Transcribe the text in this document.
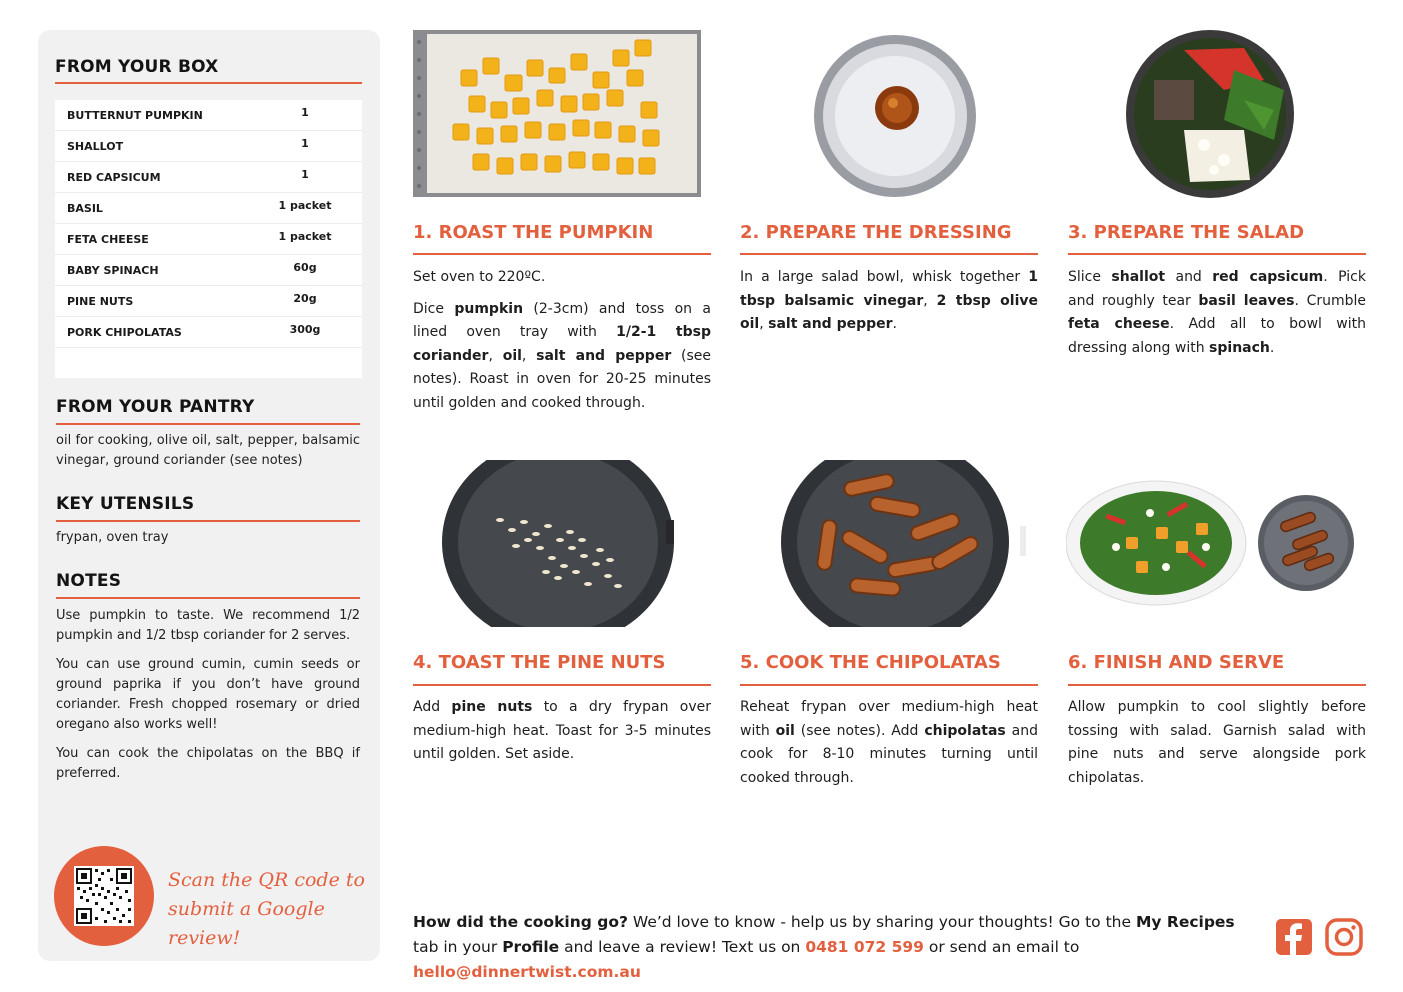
FROM YOUR BOX
BUTTERNUT PUMPKIN	1
SHALLOT	1
RED CAPSICUM	1
BASIL	1 packet
FETA CHEESE	1 packet
BABY SPINACH	60g
PINE NUTS	20g
PORK CHIPOLATAS	300g
FROM YOUR PANTRY
oil for cooking, olive oil, salt, pepper, balsamic vinegar, ground coriander (see notes)
KEY UTENSILS
frypan, oven tray
NOTES

Use pumpkin to taste. We recommend 1/2 pumpkin and 1/2 tbsp coriander for 2 serves.

You can use ground cumin, cumin seeds or ground paprika if you don’t have ground coriander. Fresh chopped rosemary or dried oregano also works well!

You can cook the chipolatas on the BBQ if preferred.

Scan the QR code to
submit a Google review!
1. ROAST THE PUMPKIN

Set oven to 220ºC.

Dice pumpkin (2-3cm) and toss on a lined oven tray with 1/2-1 tbsp coriander, oil, salt and pepper (see notes). Roast in oven for 20-25 minutes until golden and cooked through.

2. PREPARE THE DRESSING

In a large salad bowl, whisk together 1 tbsp balsamic vinegar, 2 tbsp olive oil, salt and pepper.

3. PREPARE THE SALAD

Slice shallot and red capsicum. Pick and roughly tear basil leaves. Crumble feta cheese. Add all to bowl with dressing along with spinach.

4. TOAST THE PINE NUTS

Add pine nuts to a dry frypan over medium-high heat. Toast for 3-5 minutes until golden. Set aside.

5. COOK THE CHIPOLATAS

Reheat frypan over medium-high heat with oil (see notes). Add chipolatas and cook for 8-10 minutes turning until cooked through.

6. FINISH AND SERVE

Allow pumpkin to cool slightly before tossing with salad. Garnish salad with pine nuts and serve alongside pork chipolatas.

How did the cooking go? We’d love to know - help us by sharing your thoughts! Go to the My Recipes tab in your Profile and leave a review! Text us on 0481 072 599 or send an email to hello@dinnertwist.com.au
